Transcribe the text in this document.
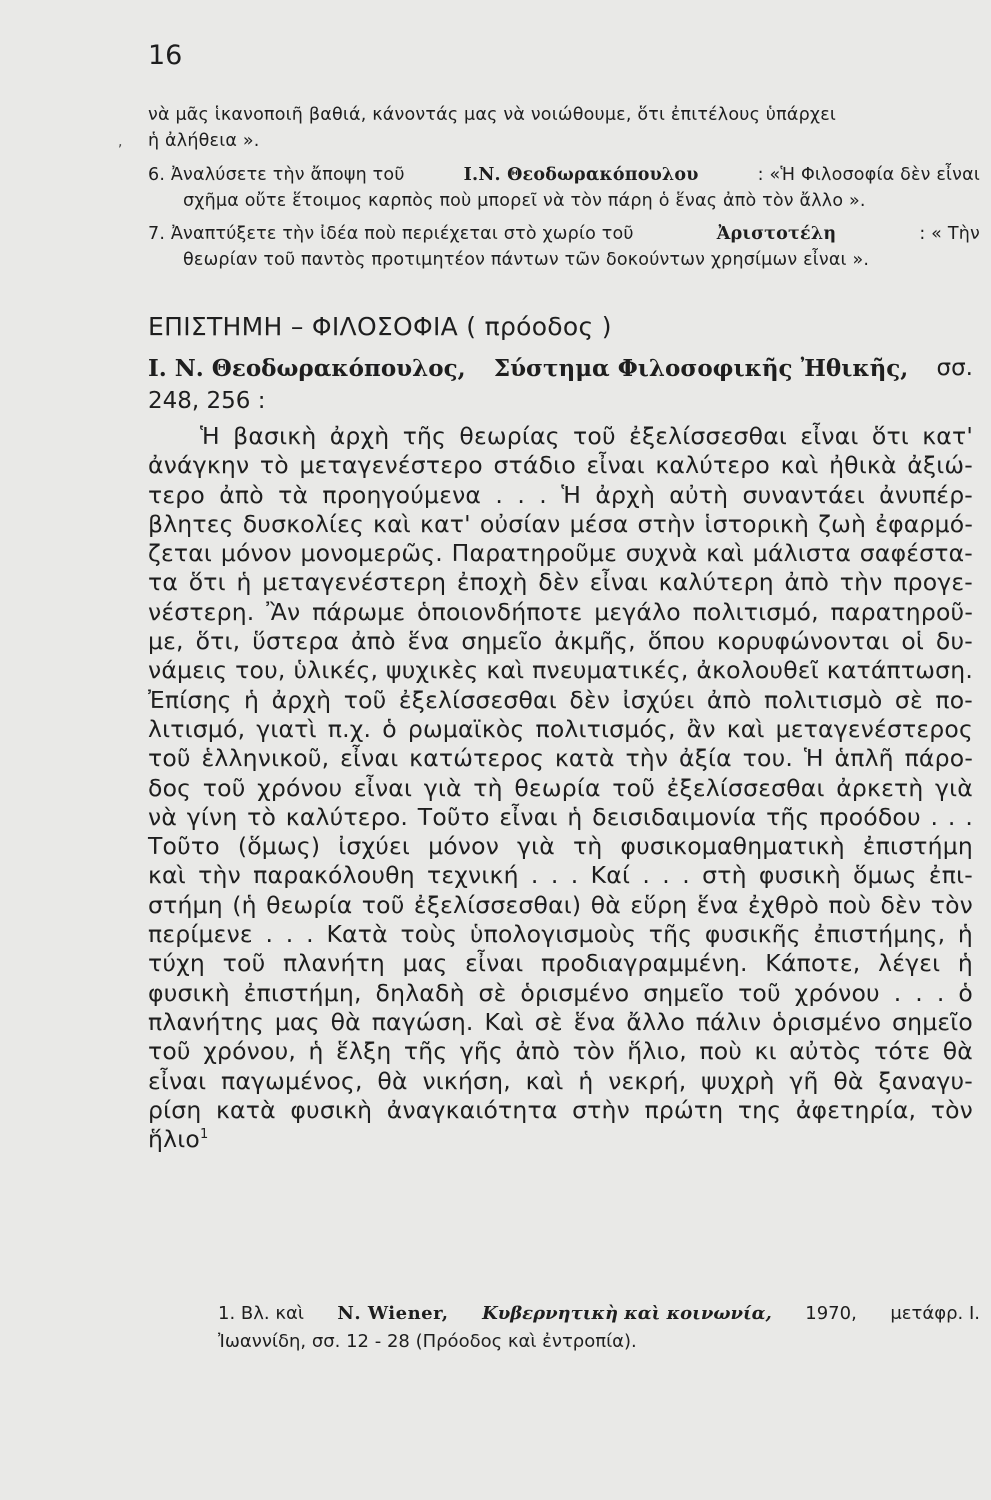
16
,
νὰ μᾶς ἱκανοποιῆ βαθιά, κάνοντάς μας νὰ νοιώθουμε, ὅτι ἐπιτέλους ὑπάρχει
ἡ ἀλήθεια ».
6. Ἀναλύσετε τὴν ἄποψη τοῦ	Ι.Ν. Θεοδωρακόπουλου	: «Ἡ Φιλοσοφία δὲν εἶναι
σχῆμα οὔτε ἕτοιμος καρπὸς ποὺ μπορεῖ νὰ τὸν πάρη ὁ ἕνας ἀπὸ τὸν ἄλλο ».
7. Ἀναπτύξετε τὴν ἰδέα ποὺ περιέχεται στὸ χωρίο τοῦ	Ἀριστοτέλη	: « Τὴν
θεωρίαν τοῦ παντὸς προτιμητέον πάντων τῶν δοκούντων χρησίμων εἶναι ».
ΕΠΙΣΤΗΜΗ – ΦΙΛΟΣΟΦΙΑ ( πρόοδος )
Ι. Ν. Θεοδωρακόπουλος, Σύστημα Φιλοσοφικῆς Ἠθικῆς, σσ.
248, 256 :
Ἡ βασικὴ ἀρχὴ τῆς θεωρίας τοῦ ἐξελίσσεσθαι εἶναι ὅτι κατ'
ἀνάγκην τὸ μεταγενέστερο στάδιο εἶναι καλύτερο καὶ ἠθικὰ ἀξιώ-
τερο ἀπὸ τὰ προηγούμενα . . . Ἡ ἀρχὴ αὐτὴ συναντάει ἀνυπέρ-
βλητες δυσκολίες καὶ κατ' οὐσίαν μέσα στὴν ἱστορικὴ ζωὴ ἐφαρμό-
ζεται μόνον μονομερῶς. Παρατηροῦμε συχνὰ καὶ μάλιστα σαφέστα-
τα ὅτι ἡ μεταγενέστερη ἐποχὴ δὲν εἶναι καλύτερη ἀπὸ τὴν προγε-
νέστερη. Ἂν πάρωμε ὁποιονδήποτε μεγάλο πολιτισμό, παρατηροῦ-
με, ὅτι, ὕστερα ἀπὸ ἕνα σημεῖο ἀκμῆς, ὅπου κορυφώνονται οἱ δυ-
νάμεις του, ὑλικές, ψυχικὲς καὶ πνευματικές, ἀκολουθεῖ κατάπτωση.
Ἐπίσης ἡ ἀρχὴ τοῦ ἐξελίσσεσθαι δὲν ἰσχύει ἀπὸ πολιτισμὸ σὲ πο-
λιτισμό, γιατὶ π.χ. ὁ ρωμαϊκὸς πολιτισμός, ἂν καὶ μεταγενέστερος
τοῦ ἑλληνικοῦ, εἶναι κατώτερος κατὰ τὴν ἀξία του. Ἡ ἁπλῆ πάρο-
δος τοῦ χρόνου εἶναι γιὰ τὴ θεωρία τοῦ ἐξελίσσεσθαι ἀρκετὴ γιὰ
νὰ γίνη τὸ καλύτερο. Τοῦτο εἶναι ἡ δεισιδαιμονία τῆς προόδου . . .
Τοῦτο (ὅμως) ἰσχύει μόνον γιὰ τὴ φυσικομαθηματικὴ ἐπιστήμη
καὶ τὴν παρακόλουθη τεχνική . . . Καί . . . στὴ φυσικὴ ὅμως ἐπι-
στήμη (ἡ θεωρία τοῦ ἐξελίσσεσθαι) θὰ εὕρη ἕνα ἐχθρὸ ποὺ δὲν τὸν
περίμενε . . . Κατὰ τοὺς ὑπολογισμοὺς τῆς φυσικῆς ἐπιστήμης, ἡ
τύχη τοῦ πλανήτη μας εἶναι προδιαγραμμένη. Κάποτε, λέγει ἡ
φυσικὴ ἐπιστήμη, δηλαδὴ σὲ ὁρισμένο σημεῖο τοῦ χρόνου . . . ὁ
πλανήτης μας θὰ παγώση. Καὶ σὲ ἕνα ἄλλο πάλιν ὁρισμένο σημεῖο
τοῦ χρόνου, ἡ ἕλξη τῆς γῆς ἀπὸ τὸν ἥλιο, ποὺ κι αὐτὸς τότε θὰ
εἶναι παγωμένος, θὰ νικήση, καὶ ἡ νεκρή, ψυχρὴ γῆ θὰ ξαναγυ-
ρίση κατὰ φυσικὴ ἀναγκαιότητα στὴν πρώτη της ἀφετηρία, τὸν
ἥλιο$^1$
1. Βλ. καὶ Ν. Wiener, Κυβερνητικὴ καὶ κοινωνία, 1970, μετάφρ. Ι.
Ἰωαννίδη, σσ. 12 - 28 (Πρόοδος καὶ ἐντροπία).
